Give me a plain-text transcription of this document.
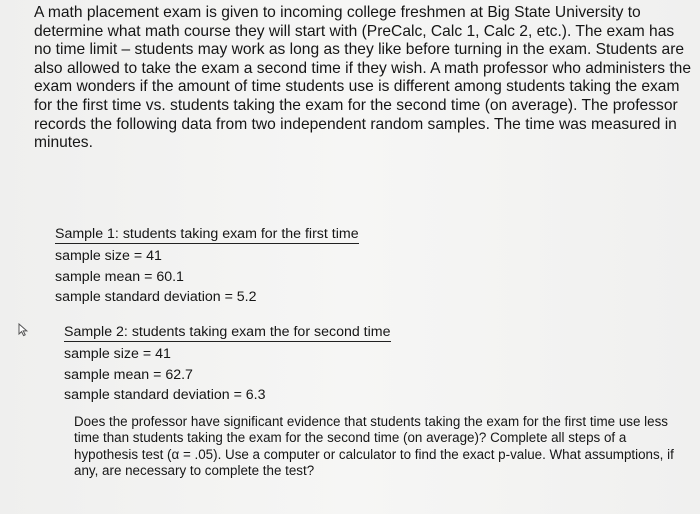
A math placement exam is given to incoming college freshmen at Big State University to determine what math course they will start with (PreCalc, Calc 1, Calc 2, etc.). The exam has no time limit – students may work as long as they like before turning in the exam. Students are also allowed to take the exam a second time if they wish. A math professor who administers the exam wonders if the amount of time students use is different among students taking the exam for the first time vs. students taking the exam for the second time (on average). The professor records the following data from two independent random samples. The time was measured in minutes.

Sample 1: students taking exam for the first time
sample size = 41
sample mean = 60.1
sample standard deviation = 5.2
Sample 2: students taking exam the for second time
sample size = 41
sample mean = 62.7
sample standard deviation = 6.3

Does the professor have significant evidence that students taking the exam for the first time use less time than students taking the exam for the second time (on average)? Complete all steps of a hypothesis test (α = .05). Use a computer or calculator to find the exact p-value. What assumptions, if any, are necessary to complete the test?
